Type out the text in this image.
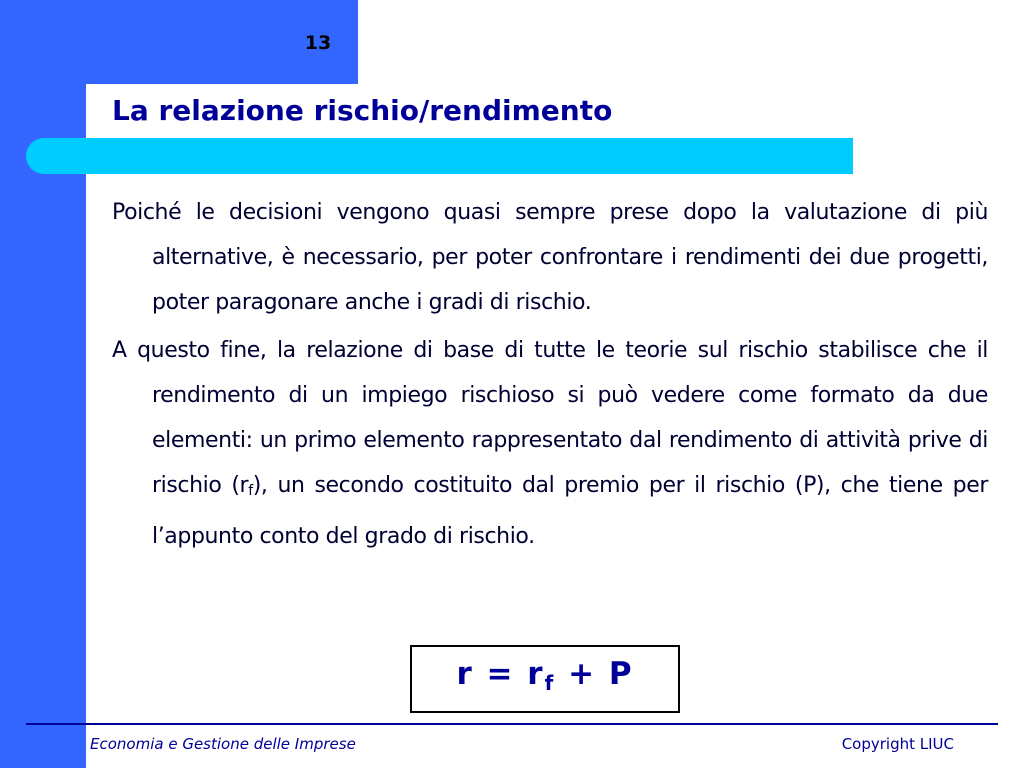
13
La relazione rischio/rendimento

Poiché le decisioni vengono quasi sempre prese dopo la valutazione di più alternative, è necessario, per poter confrontare i rendimenti dei due progetti, poter paragonare anche i gradi di rischio.

A questo fine, la relazione di base di tutte le teorie sul rischio stabilisce che il rendimento di un impiego rischioso si può vedere come formato da due elementi: un primo elemento rappresentato dal rendimento di attività prive di rischio $(r_f)$, un secondo costituito dal premio per il rischio (P), che tiene per l’appunto conto del grado di rischio.

$r = r_f + P$
Economia e Gestione delle Imprese	Copyright LIUC
